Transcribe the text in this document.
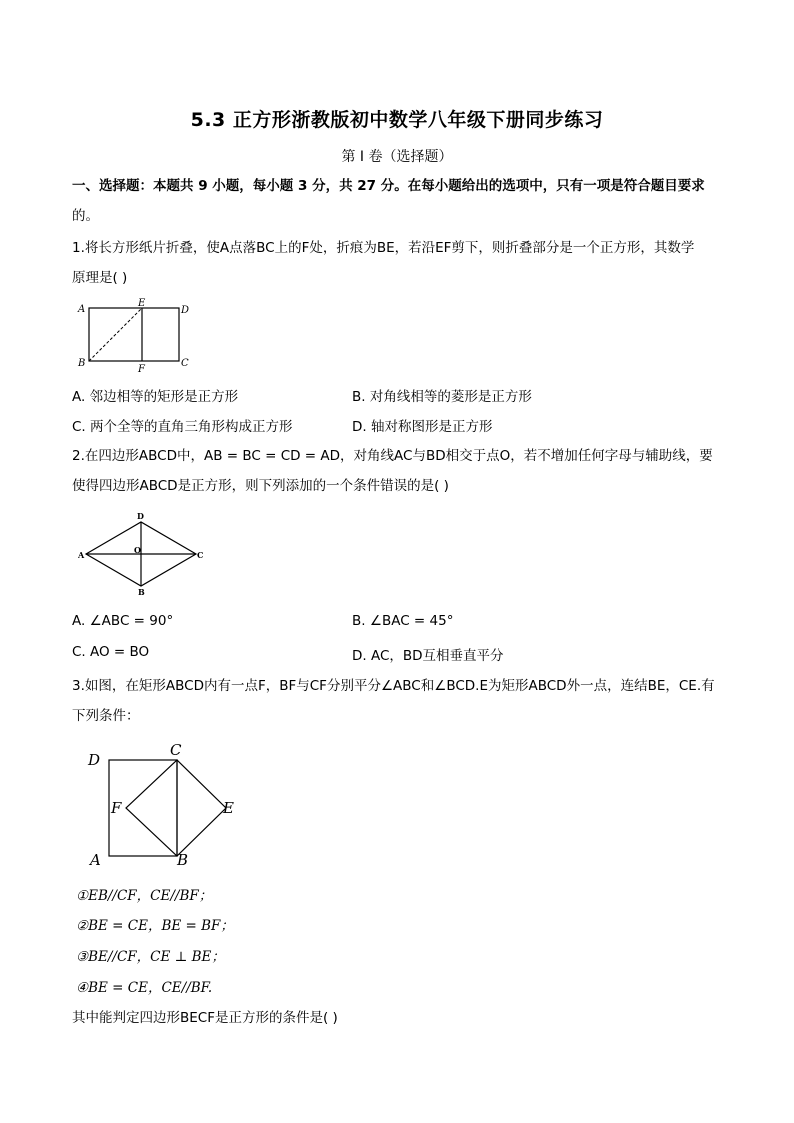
5.3 正方形浙教版初中数学八年级下册同步练习
第 I 卷（选择题）
一、选择题：本题共 9 小题，每小题 3 分，共 27 分。在每小题给出的选项中，只有一项是符合题目要求
的。
1.将长方形纸片折叠，使A点落BC上的F处，折痕为BE，若沿EF剪下，则折叠部分是一个正方形，其数学
原理是( )
A
E
D
B
F
C
A. 邻边相等的矩形是正方形	B. 对角线相等的菱形是正方形
C. 两个全等的直角三角形构成正方形	D. 轴对称图形是正方形
2.在四边形ABCD中，AB = BC = CD = AD，对角线AC与BD相交于点O，若不增加任何字母与辅助线，要
使得四边形ABCD是正方形，则下列添加的一个条件错误的是( )
D
A	O	C
B
A. ∠ABC = 90°	B. ∠BAC = 45°
C. AO = BO	D. AC，BD互相垂直平分
3.如图，在矩形ABCD内有一点F，BF与CF分别平分∠ABC和∠BCD.E为矩形ABCD外一点，连结BE，CE.有
下列条件：
D
C
F	E
A	B
①EB//CF，CE//BF；
②BE = CE，BE = BF；
③BE//CF，CE ⊥ BE；
④BE = CE，CE//BF.
其中能判定四边形BECF是正方形的条件是( )
